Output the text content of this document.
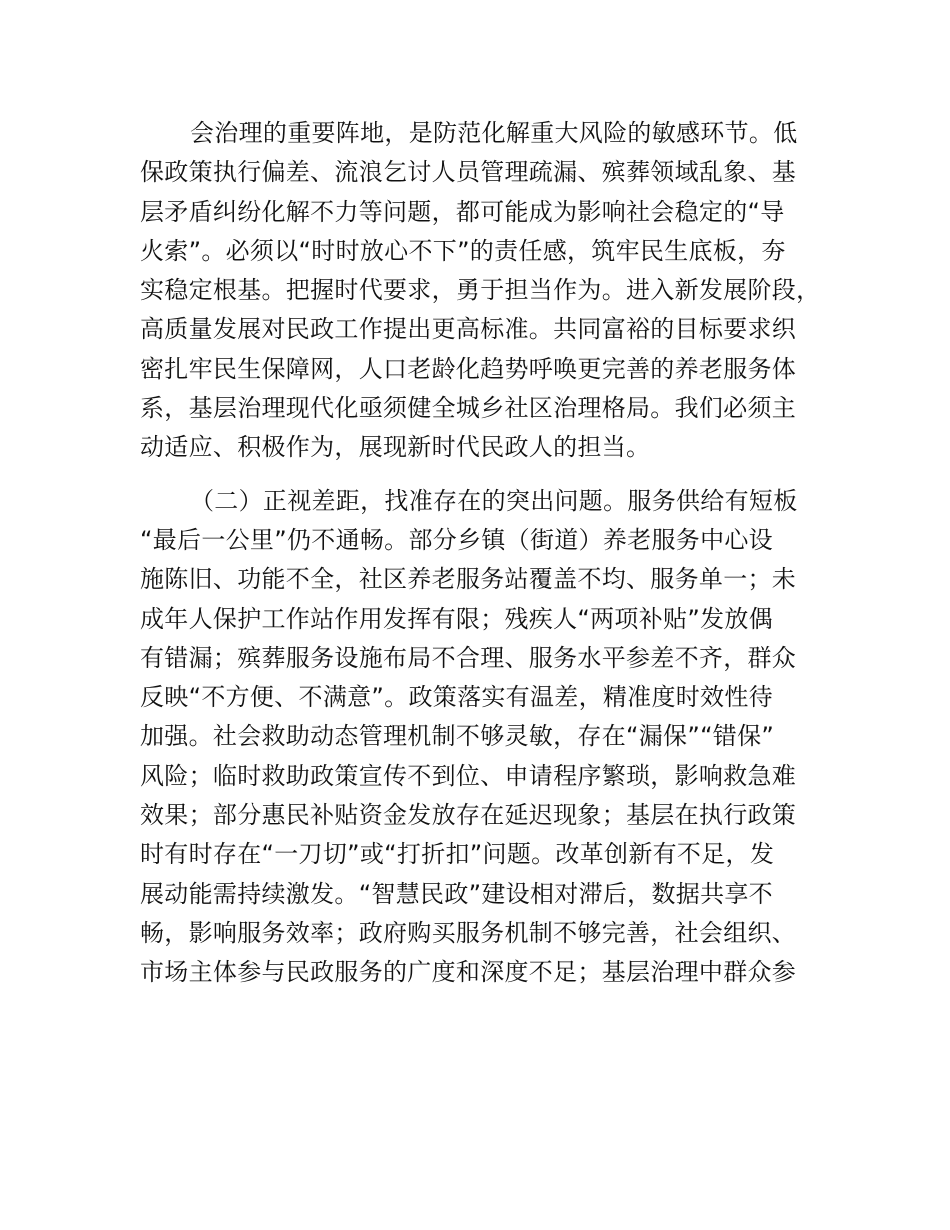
会治理的重要阵地，是防范化解重大风险的敏感环节。低
保政策执行偏差、流浪乞讨人员管理疏漏、殡葬领域乱象、基
层矛盾纠纷化解不力等问题，都可能成为影响社会稳定的“导
火索”。必须以“时时放心不下”的责任感，筑牢民生底板，夯
实稳定根基。把握时代要求，勇于担当作为。进入新发展阶段，
高质量发展对民政工作提出更高标准。共同富裕的目标要求织
密扎牢民生保障网，人口老龄化趋势呼唤更完善的养老服务体
系，基层治理现代化亟须健全城乡社区治理格局。我们必须主
动适应、积极作为，展现新时代民政人的担当。
（二）正视差距，找准存在的突出问题。服务供给有短板
“最后一公里”仍不通畅。部分乡镇（街道）养老服务中心设
施陈旧、功能不全，社区养老服务站覆盖不均、服务单一；未
成年人保护工作站作用发挥有限；残疾人“两项补贴”发放偶
有错漏；殡葬服务设施布局不合理、服务水平参差不齐，群众
反映“不方便、不满意”。政策落实有温差，精准度时效性待
加强。社会救助动态管理机制不够灵敏，存在“漏保”“错保”
风险；临时救助政策宣传不到位、申请程序繁琐，影响救急难
效果；部分惠民补贴资金发放存在延迟现象；基层在执行政策
时有时存在“一刀切”或“打折扣”问题。改革创新有不足，发
展动能需持续激发。“智慧民政”建设相对滞后，数据共享不
畅，影响服务效率；政府购买服务机制不够完善，社会组织、
市场主体参与民政服务的广度和深度不足；基层治理中群众参
